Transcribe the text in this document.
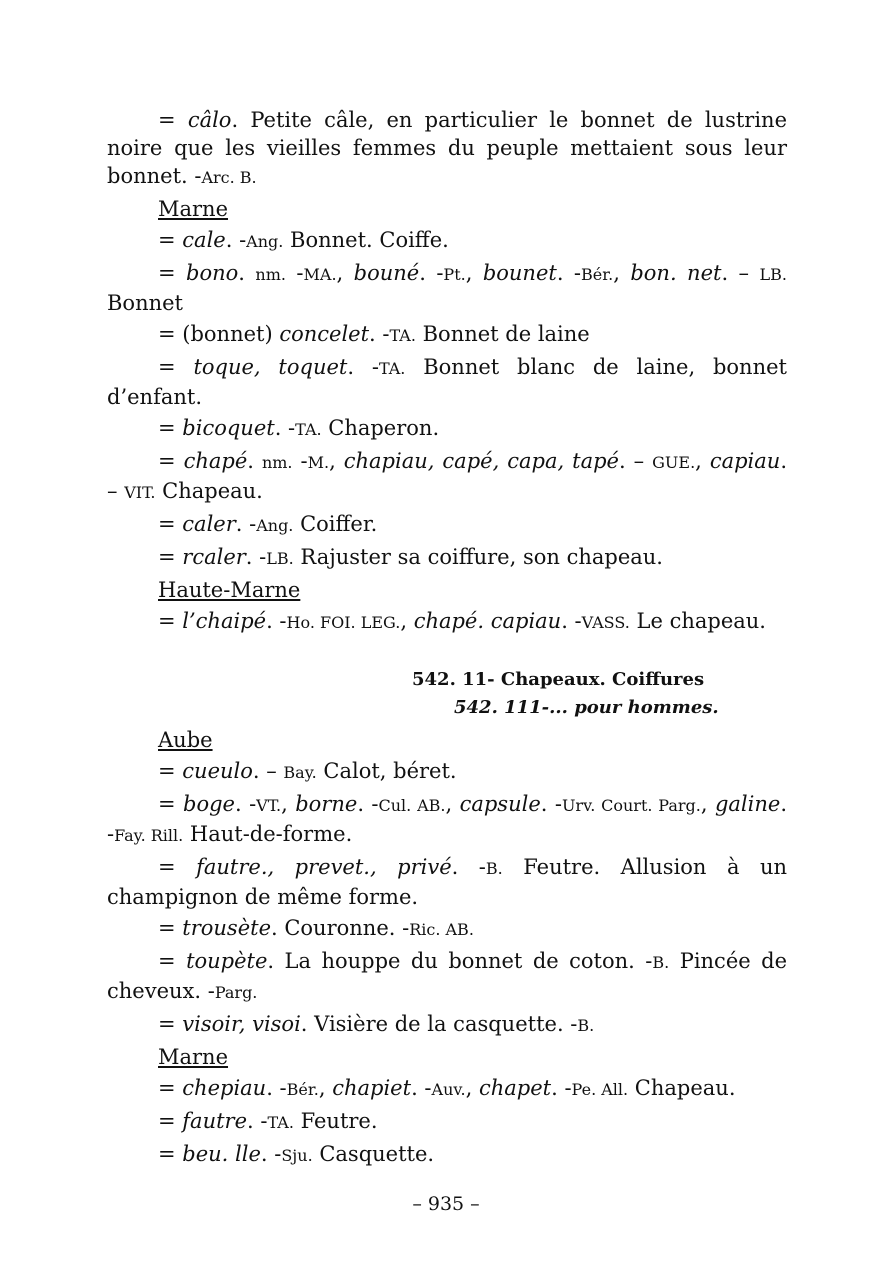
= câlo. Petite câle, en particulier le bonnet de lustrine noire que les vieilles femmes du peuple mettaient sous leur bonnet. -Arc. B.
Marne
= cale. -Ang. Bonnet. Coiffe.
= bono. nm. -MA., bouné. -Pt., bounet. -Bér., bon. net. – LB. Bonnet
= (bonnet) concelet. -TA. Bonnet de laine
= toque, toquet. -TA. Bonnet blanc de laine, bonnet d’enfant.
= bicoquet. -TA. Chaperon.
= chapé. nm. -M., chapiau, capé, capa, tapé. – GUE., capiau. – VIT. Chapeau.
= caler. -Ang. Coiffer.
= rcaler. -LB. Rajuster sa coiffure, son chapeau.
Haute-Marne
= l’chaipé. -Ho. FOI. LEG., chapé. capiau. -VASS. Le chapeau.
542. 11- Chapeaux. Coiffures
542. 111-... pour hommes.
Aube
= cueulo. – Bay. Calot, béret.
= boge. -VT., borne. -Cul. AB., capsule. -Urv. Court. Parg., galine. -Fay. Rill. Haut-de-forme.
= fautre., prevet., privé. -B. Feutre. Allusion à un champignon de même forme.
= trousète. Couronne. -Ric. AB.
= toupète. La houppe du bonnet de coton. -B. Pincée de cheveux. -Parg.
= visoir, visoi. Visière de la casquette. -B.
Marne
= chepiau. -Bér., chapiet. -Auv., chapet. -Pe. All. Chapeau.
= fautre. -TA. Feutre.
= beu. lle. -Sju. Casquette.
– 935 –
